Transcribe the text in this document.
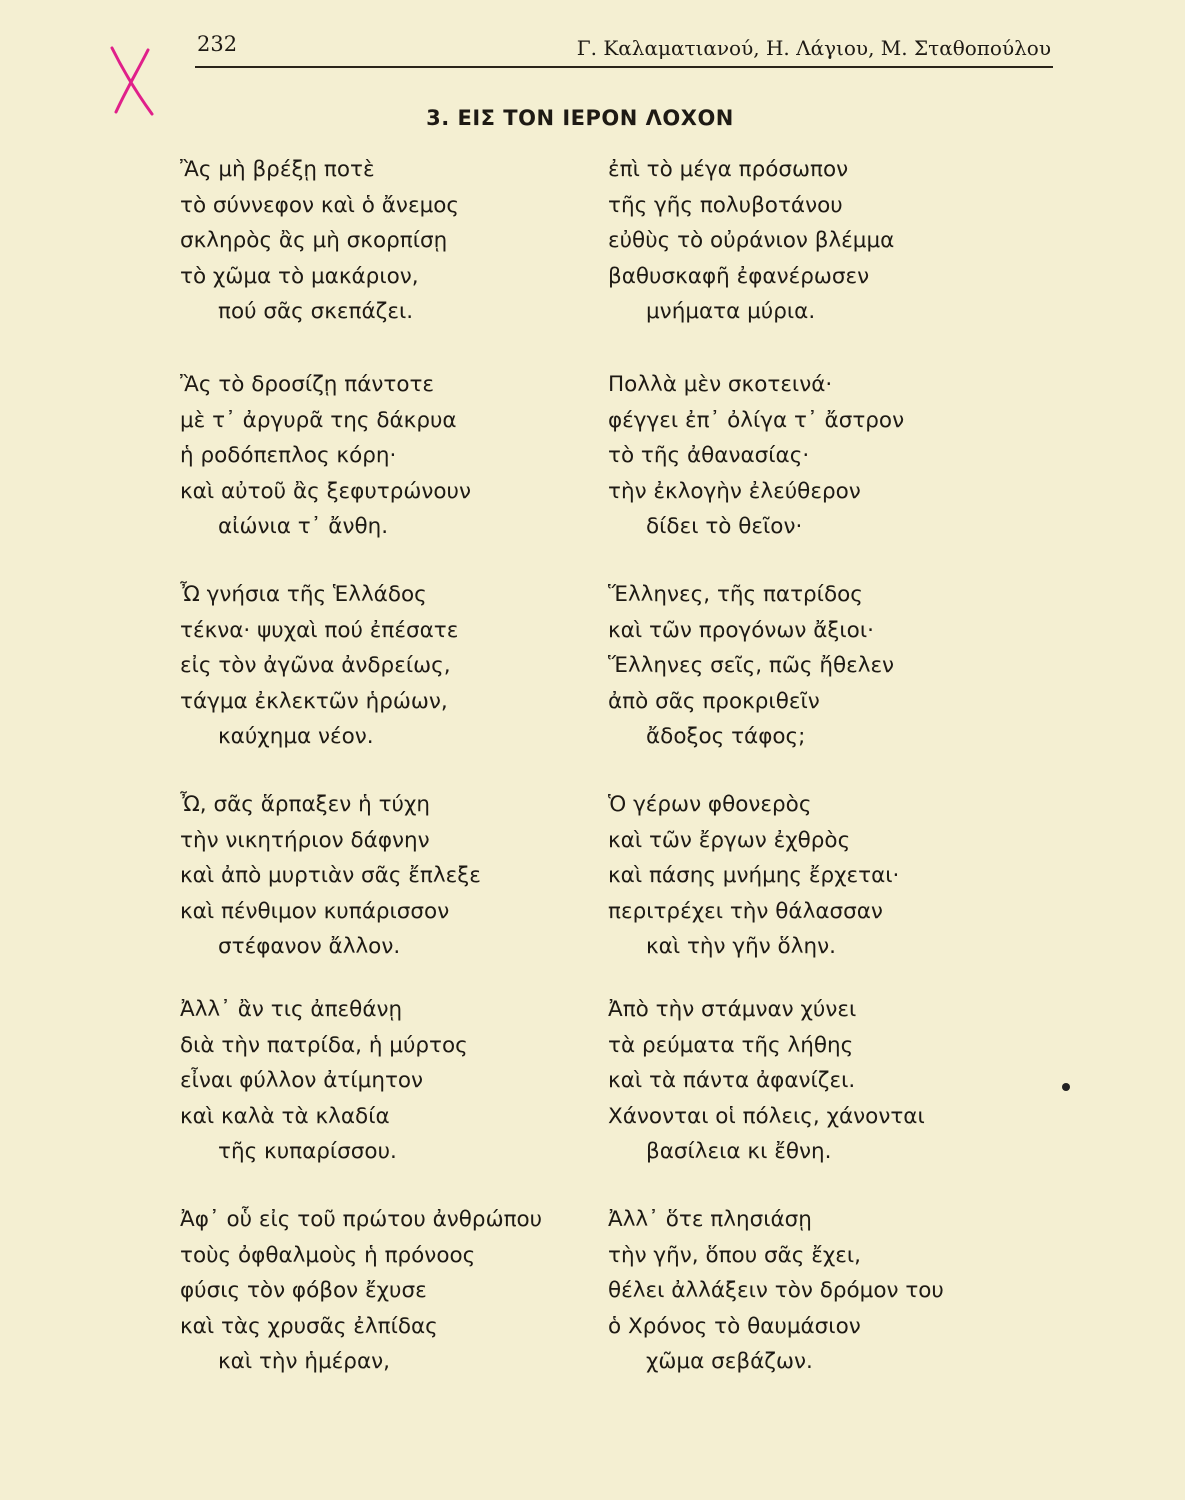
232	Γ. Καλαματιανού, Η. Λάγιου, Μ. Σταθοπούλου
3. ΕΙΣ ΤΟΝ ΙΕΡΟΝ ΛΟΧΟΝ
Ἂς μὴ βρέξῃ ποτὲ
τὸ σύννεφον καὶ ὁ ἄνεμος
σκληρὸς ἂς μὴ σκορπίσῃ
τὸ χῶμα τὸ μακάριον,
πού σᾶς σκεπάζει.
Ἂς τὸ δροσίζῃ πάντοτε
μὲ τ᾽ ἀργυρᾶ της δάκρυα
ἡ ροδόπεπλος κόρη·
καὶ αὐτοῦ ἂς ξεφυτρώνουν
αἰώνια τ᾽ ἄνθη.
Ὦ γνήσια τῆς Ἑλλάδος
τέκνα· ψυχαὶ πού ἐπέσατε
εἰς τὸν ἀγῶνα ἀνδρείως,
τάγμα ἐκλεκτῶν ἡρώων,
καύχημα νέον.
Ὦ, σᾶς ἅρπαξεν ἡ τύχη
τὴν νικητήριον δάφνην
καὶ ἀπὸ μυρτιὰν σᾶς ἔπλεξε
καὶ πένθιμον κυπάρισσον
στέφανον ἄλλον.
Ἀλλ᾽ ἂν τις ἀπεθάνῃ
διὰ τὴν πατρίδα, ἡ μύρτος
εἶναι φύλλον ἀτίμητον
καὶ καλὰ τὰ κλαδία
τῆς κυπαρίσσου.
Ἀφ᾽ οὗ εἰς τοῦ πρώτου ἀνθρώπου
τοὺς ὀφθαλμοὺς ἡ πρόνοος
φύσις τὸν φόβον ἔχυσε
καὶ τὰς χρυσᾶς ἐλπίδας
καὶ τὴν ἡμέραν,
ἐπὶ τὸ μέγα πρόσωπον
τῆς γῆς πολυβοτάνου
εὐθὺς τὸ οὐράνιον βλέμμα
βαθυσκαφῆ ἐφανέρωσεν
μνήματα μύρια.
Πολλὰ μὲν σκοτεινά·
φέγγει ἐπ᾽ ὀλίγα τ᾽ ἄστρον
τὸ τῆς ἀθανασίας·
τὴν ἐκλογὴν ἐλεύθερον
δίδει τὸ θεῖον·
Ἕλληνες, τῆς πατρίδος
καὶ τῶν προγόνων ἄξιοι·
Ἕλληνες σεῖς, πῶς ἤθελεν
ἀπὸ σᾶς προκριθεῖν
ἄδοξος τάφος;
Ὁ γέρων φθονερὸς
καὶ τῶν ἔργων ἐχθρὸς
καὶ πάσης μνήμης ἔρχεται·
περιτρέχει τὴν θάλασσαν
καὶ τὴν γῆν ὅλην.
Ἀπὸ τὴν στάμναν χύνει
τὰ ρεύματα τῆς λήθης
καὶ τὰ πάντα ἀφανίζει.
Χάνονται οἱ πόλεις, χάνονται
βασίλεια κι ἔθνη.
Ἀλλ᾽ ὅτε πλησιάσῃ
τὴν γῆν, ὅπου σᾶς ἔχει,
θέλει ἀλλάξειν τὸν δρόμον του
ὁ Χρόνος τὸ θαυμάσιον
χῶμα σεβάζων.
